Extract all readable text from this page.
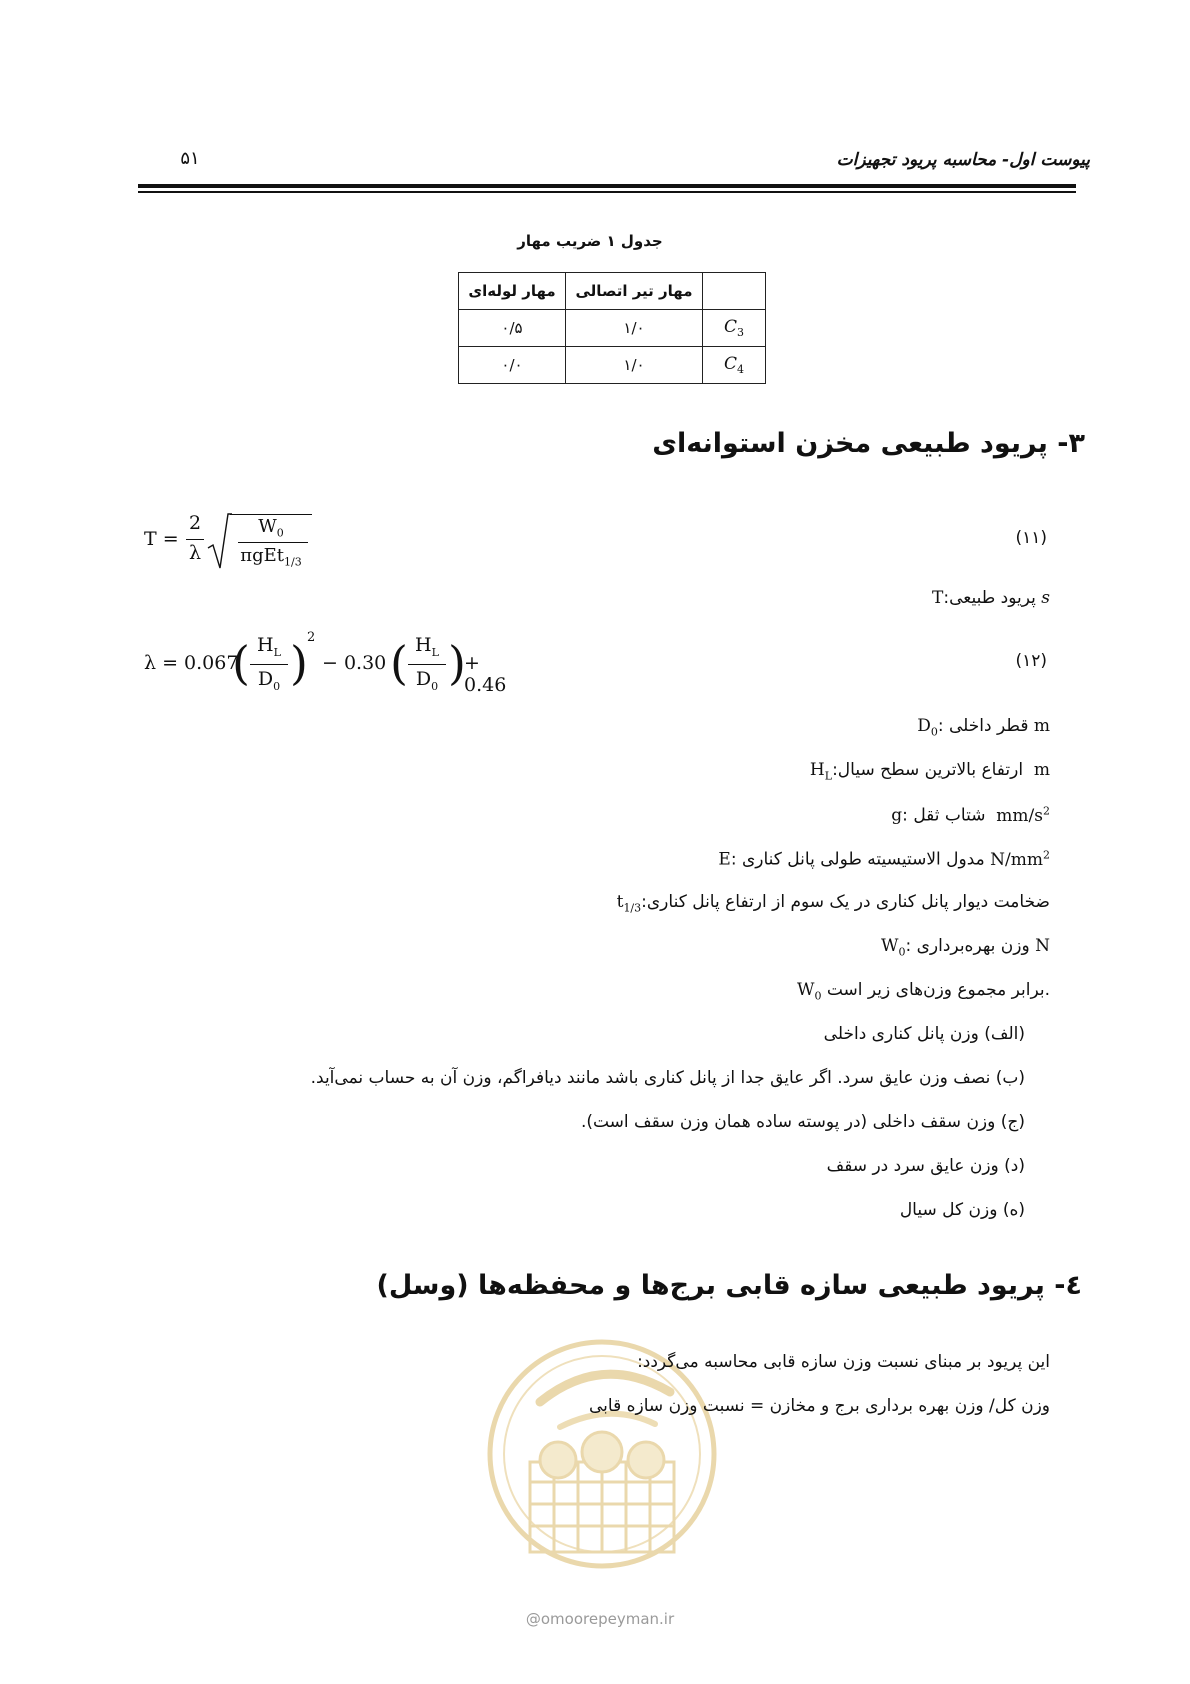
پیوست اول- محاسبه پریود تجهیزات
۵۱
جدول ۱ ضریب مهار
مهار لوله‌ای	مهار تیر اتصالی	
۰/۵	۱/۰	$C_3$
۰/۰	۱/۰	$C_4$
۳- پریود طبیعی مخزن استوانه‌ای
T =
2
λ
$W_0$
πgEt$_{1/3}$
(۱۱)
T:پریود طبیعی s
λ = 0.067
( $H_L$
$D_0$ ) 2
− 0.30 ( $H_L$
$D_0$ )
+ 0.46
(۱۲)
$D_0$: قطر داخلی m
$H_L:ارتفاع$ بالاترین سطح سیال m
g: شتاب ثقل $mm/s^2$
E: مدول الاستیسیته طولی پانل کناری $N/mm^2$
$t_{1/3}:ضخامت$ دیوار پانل کناری در یک سوم از ارتفاع پانل کناری
$W_0$: وزن بهره‌برداری N
$W_0$ برابر مجموع وزن‌های زیر است.
(الف) وزن پانل کناری داخلی
(ب) نصف وزن عایق سرد. اگر عایق جدا از پانل کناری باشد مانند دیافراگم، وزن آن به حساب نمی‌آید.
(ج) وزن سقف داخلی (در پوسته ساده همان وزن سقف است).
(د) وزن عایق سرد در سقف
(ه) وزن کل سیال
٤- پریود طبیعی سازه قابی برج‌ها و محفظه‌ها (وسل)
@omoorepeyman.ir
این پریود بر مبنای نسبت وزن سازه قابی محاسبه می‌گردد:
وزن کل/ وزن بهره برداری برج و مخازن = نسبت وزن سازه قابی
